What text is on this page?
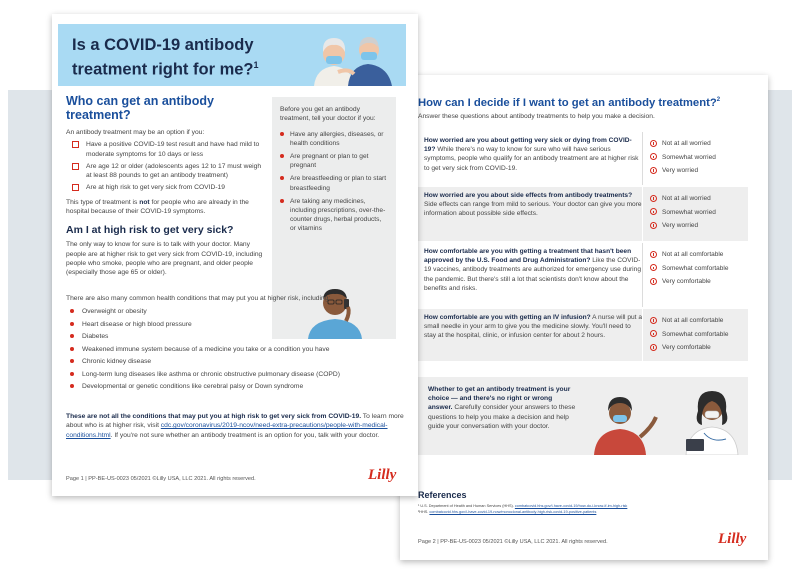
Is a COVID-19 antibody treatment right for me?$^1$
Who can get an antibody treatment?
An antibody treatment may be an option if you:
Have a positive COVID-19 test result and have had mild to moderate symptoms for 10 days or less
Are age 12 or older (adolescents ages 12 to 17 must weigh at least 88 pounds to get an antibody treatment)
Are at high risk to get very sick from COVID-19
This type of treatment is not for people who are already in the hospital because of their COVID-19 symptoms.
Am I at high risk to get very sick?
The only way to know for sure is to talk with your doctor. Many people are at higher risk to get very sick from COVID-19, including people who smoke, people who are pregnant, and older people (especially those age 65 or older).
Before you get an antibody treatment, tell your doctor if you:
Have any allergies, diseases, or health conditions
Are pregnant or plan to get pregnant
Are breastfeeding or plan to start breastfeeding
Are taking any medicines, including prescriptions, over-the-counter drugs, herbal products, or vitamins
There are also many common health conditions that may put you at higher risk, including:
Overweight or obesity
Heart disease or high blood pressure
Diabetes
Weakened immune system because of a medicine you take or a condition you have
Chronic kidney disease
Long-term lung diseases like asthma or chronic obstructive pulmonary disease (COPD)
Developmental or genetic conditions like cerebral palsy or Down syndrome
These are not all the conditions that may put you at high risk to get very sick from COVID-19. To learn more about who is at higher risk, visit cdc.gov/coronavirus/2019-ncov/need-extra-precautions/people-with-medical-conditions.html. If you're not sure whether an antibody treatment is an option for you, talk with your doctor.
Page 1 | PP-BE-US-0023 05/2021 ©Lilly USA, LLC 2021. All rights reserved.	Lilly
How can I decide if I want to get an antibody treatment?$^2$
Answer these questions about antibody treatments to help you make a decision.
How worried are you about getting very sick or dying from COVID-19? While there's no way to know for sure who will have serious symptoms, people who qualify for an antibody treatment are at higher risk to get very sick from COVID-19.
Not at all worried
Somewhat worried
Very worried
How worried are you about side effects from antibody treatments? Side effects can range from mild to serious. Your doctor can give you more information about possible side effects.
Not at all worried
Somewhat worried
Very worried
How comfortable are you with getting a treatment that hasn't been approved by the U.S. Food and Drug Administration? Like the COVID-19 vaccines, antibody treatments are authorized for emergency use during the pandemic. But there's still a lot that scientists don't know about the benefits and risks.
Not at all comfortable
Somewhat comfortable
Very comfortable
How comfortable are you with getting an IV infusion? A nurse will put a small needle in your arm to give you the medicine slowly. You'll need to stay at the hospital, clinic, or infusion center for about 2 hours.
Not at all comfortable
Somewhat comfortable
Very comfortable
Whether to get an antibody treatment is your choice — and there's no right or wrong answer. Carefully consider your answers to these questions to help you make a decision and help guide your conversation with your doctor.
References
¹ U.S. Department of Health and Human Services (HHS). combatcovid.hhs.gov/i-have-covid-19/how-do-i-know-if-im-high-risk
²HHS. combatcovid.hhs.gov/i-have-covid-19-now/monoclonal-antibody-high-risk-covid-19-positive-patients
Page 2 | PP-BE-US-0023 05/2021 ©Lilly USA, LLC 2021. All rights reserved.	Lilly
